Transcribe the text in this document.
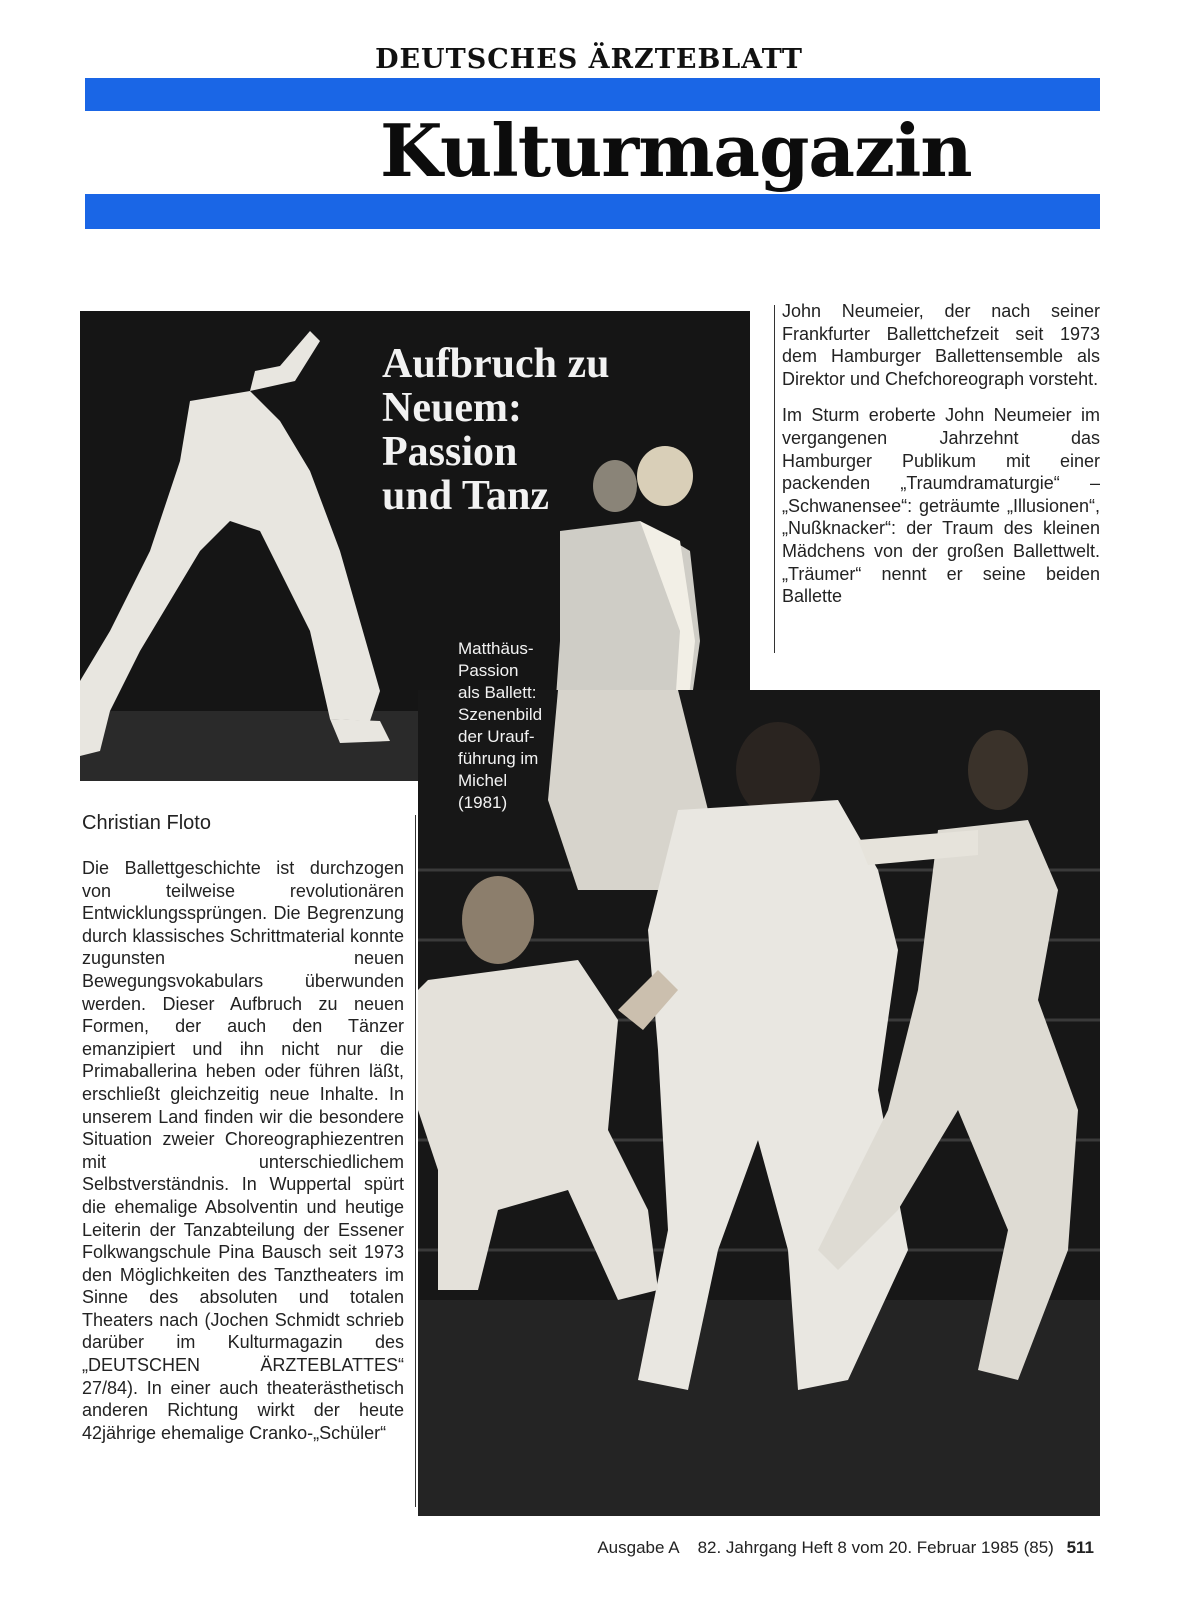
DEUTSCHES ÄRZTEBLATT
Kulturmagazin
Aufbruch zu
Neuem:
Passion
und Tanz
Matthäus-
Passion
als Ballett:
Szenenbild
der Urauf-
führung im
Michel
(1981)

John Neumeier, der nach seiner Frankfurter Ballettchefzeit seit 1973 dem Hamburger Ballettensemble als Direktor und Chefchoreograph vorsteht.

Im Sturm eroberte John Neumeier im vergangenen Jahrzehnt das Hamburger Publikum mit einer packenden „Traumdramaturgie“ – „Schwanensee“: geträumte „Illusionen“, „Nußknacker“: der Traum des kleinen Mädchens von der großen Ballettwelt. „Träumer“ nennt er seine beiden Ballette

Christian Floto
Die Ballettgeschichte ist durchzogen von teilweise revolutionären Entwicklungssprüngen. Die Begrenzung durch klassisches Schrittmaterial konnte zugunsten neuen Bewegungsvokabulars überwunden werden. Dieser Aufbruch zu neuen Formen, der auch den Tänzer emanzipiert und ihn nicht nur die Primaballerina heben oder führen läßt, erschließt gleichzeitig neue Inhalte. In unserem Land finden wir die besondere Situation zweier Choreographiezentren mit unterschiedlichem Selbstverständnis. In Wuppertal spürt die ehemalige Absolventin und heutige Leiterin der Tanzabteilung der Essener Folkwangschule Pina Bausch seit 1973 den Möglichkeiten des Tanztheaters im Sinne des absoluten und totalen Theaters nach (Jochen Schmidt schrieb darüber im Kulturmagazin des „DEUTSCHEN ÄRZTEBLATTES“ 27/84). In einer auch theaterästhetisch anderen Richtung wirkt der heute 42jährige ehemalige Cranko-„Schüler“
Ausgabe A 82. Jahrgang Heft 8 vom 20. Februar 1985 (85) 511
